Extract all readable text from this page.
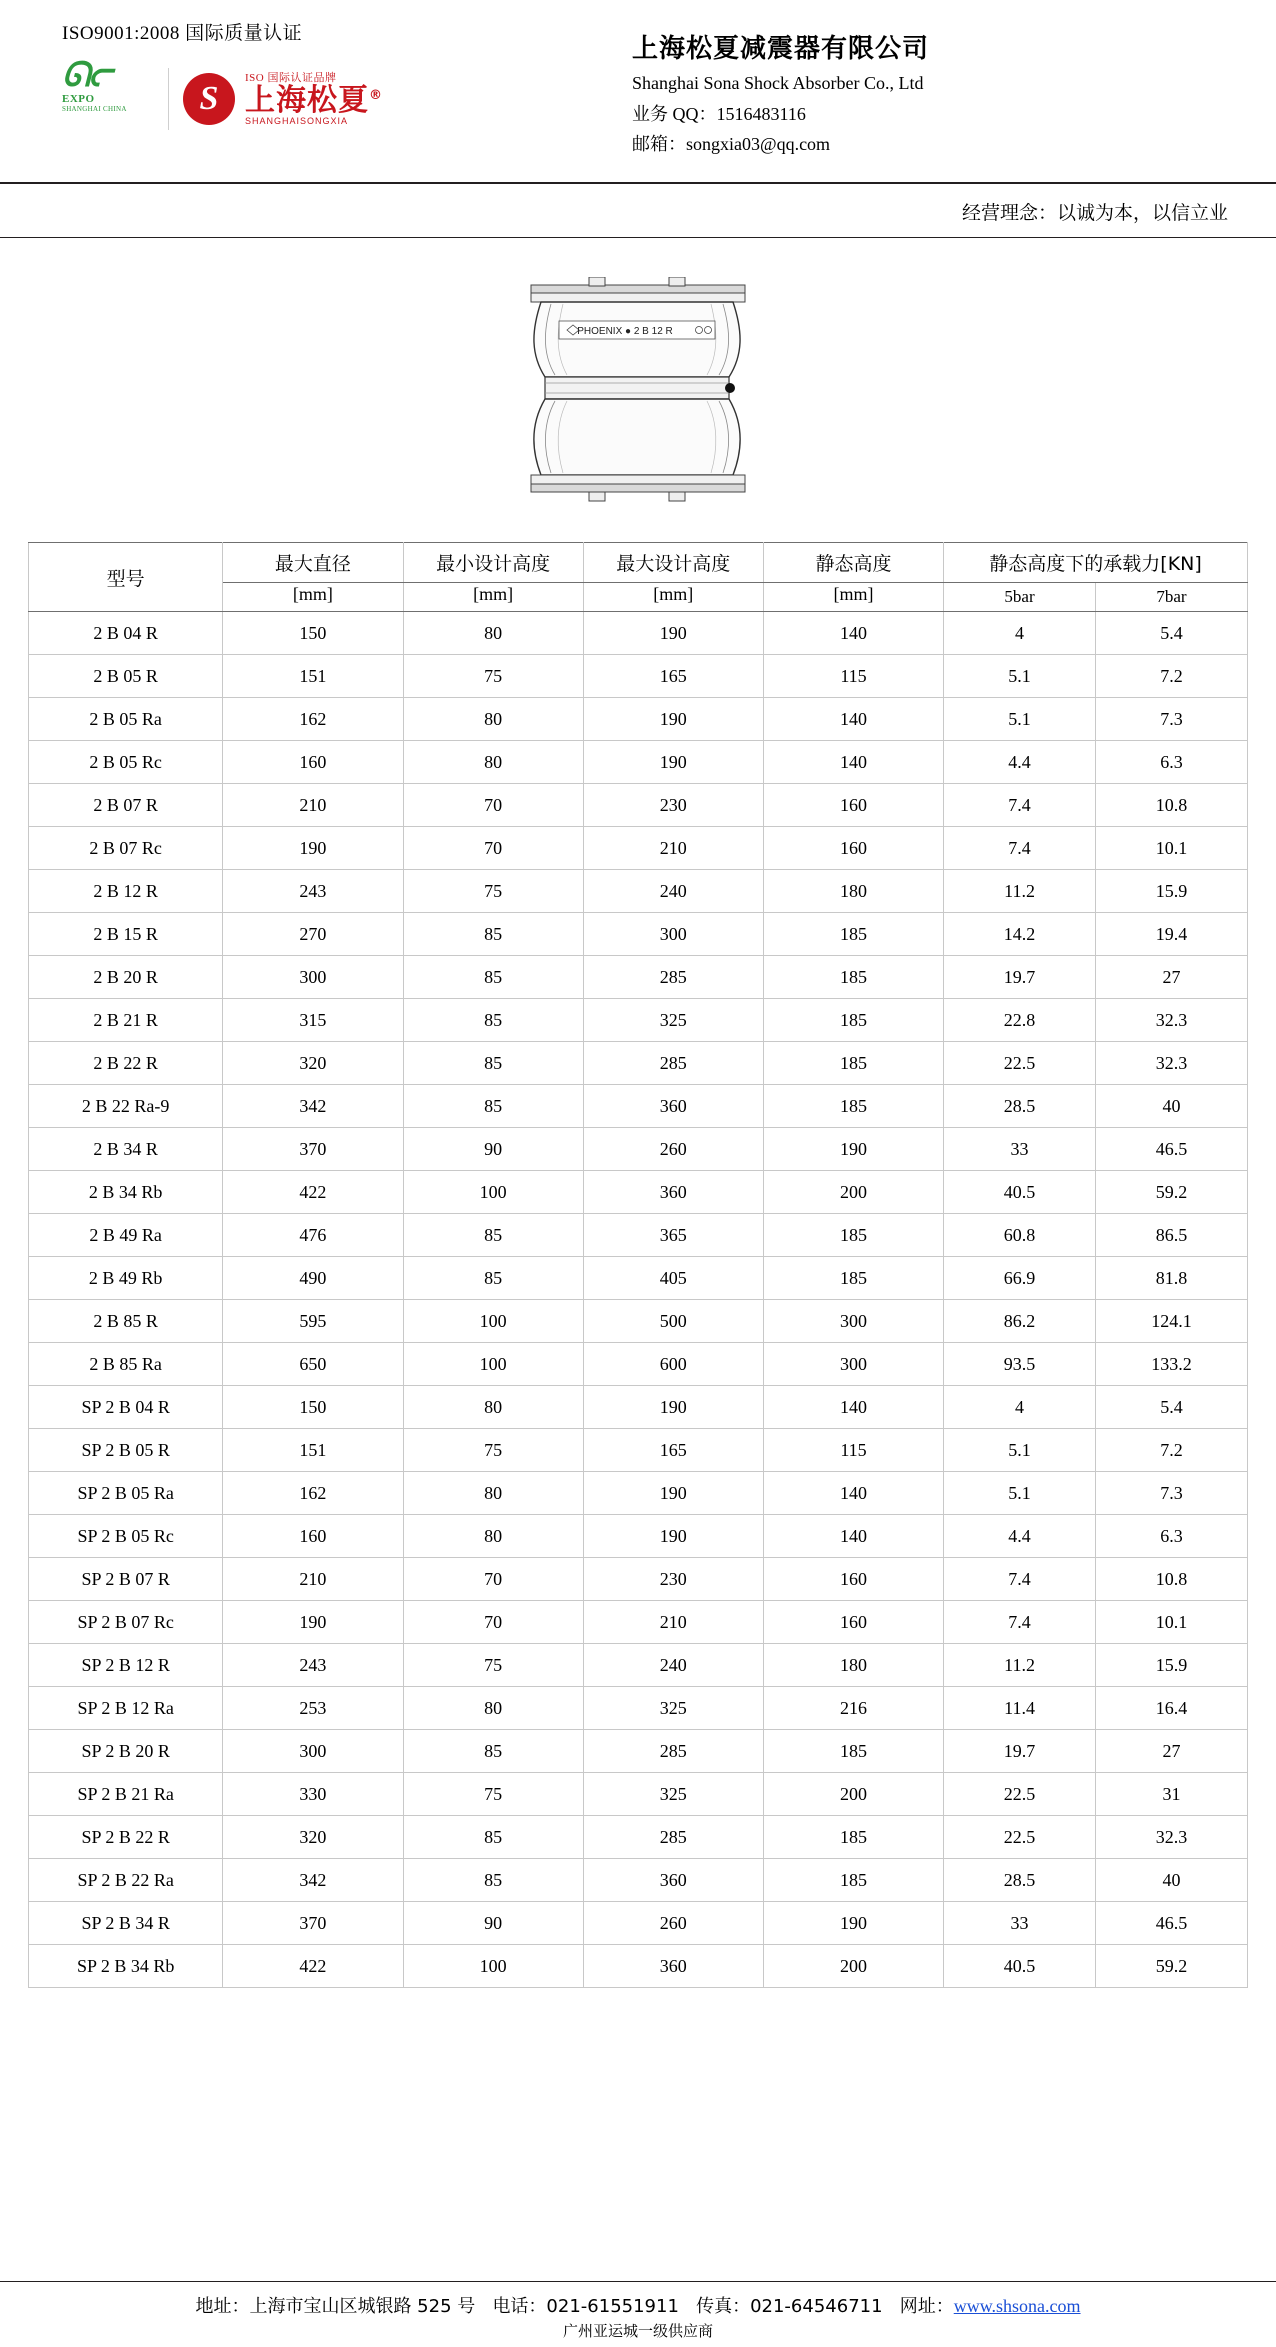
ISO9001:2008 国际质量认证
ᘏᓕ
EXPO
SHANGHAI CHINA
S
ISO 国际认证品牌
上海松夏®
SHANGHAISONGXIA
上海松夏减震器有限公司
Shanghai Sona Shock Absorber Co., Ltd
业务 QQ：1516483116
邮箱：songxia03@qq.com
经营理念：以诚为本，以信立业
PHOENIX ● 2 B 12 R
型号	最大直径	最小设计高度	最大设计高度	静态高度	静态高度下的承载力[KN]	
	[mm]	[mm]	[mm]	[mm]	5bar	7bar
2 B 04 R	150	80	190	140	4	5.4
2 B 05 R	151	75	165	115	5.1	7.2
2 B 05 Ra	162	80	190	140	5.1	7.3
2 B 05 Rc	160	80	190	140	4.4	6.3
2 B 07 R	210	70	230	160	7.4	10.8
2 B 07 Rc	190	70	210	160	7.4	10.1
2 B 12 R	243	75	240	180	11.2	15.9
2 B 15 R	270	85	300	185	14.2	19.4
2 B 20 R	300	85	285	185	19.7	27
2 B 21 R	315	85	325	185	22.8	32.3
2 B 22 R	320	85	285	185	22.5	32.3
2 B 22 Ra-9	342	85	360	185	28.5	40
2 B 34 R	370	90	260	190	33	46.5
2 B 34 Rb	422	100	360	200	40.5	59.2
2 B 49 Ra	476	85	365	185	60.8	86.5
2 B 49 Rb	490	85	405	185	66.9	81.8
2 B 85 R	595	100	500	300	86.2	124.1
2 B 85 Ra	650	100	600	300	93.5	133.2
SP 2 B 04 R	150	80	190	140	4	5.4
SP 2 B 05 R	151	75	165	115	5.1	7.2
SP 2 B 05 Ra	162	80	190	140	5.1	7.3
SP 2 B 05 Rc	160	80	190	140	4.4	6.3
SP 2 B 07 R	210	70	230	160	7.4	10.8
SP 2 B 07 Rc	190	70	210	160	7.4	10.1
SP 2 B 12 R	243	75	240	180	11.2	15.9
SP 2 B 12 Ra	253	80	325	216	11.4	16.4
SP 2 B 20 R	300	85	285	185	19.7	27
SP 2 B 21 Ra	330	75	325	200	22.5	31
SP 2 B 22 R	320	85	285	185	22.5	32.3
SP 2 B 22 Ra	342	85	360	185	28.5	40
SP 2 B 34 R	370	90	260	190	33	46.5
SP 2 B 34 Rb	422	100	360	200	40.5	59.2
地址：上海市宝山区城银路 525 号 电话：021-61551911 传真：021-64546711 网址：www.shsona.com
广州亚运城一级供应商
